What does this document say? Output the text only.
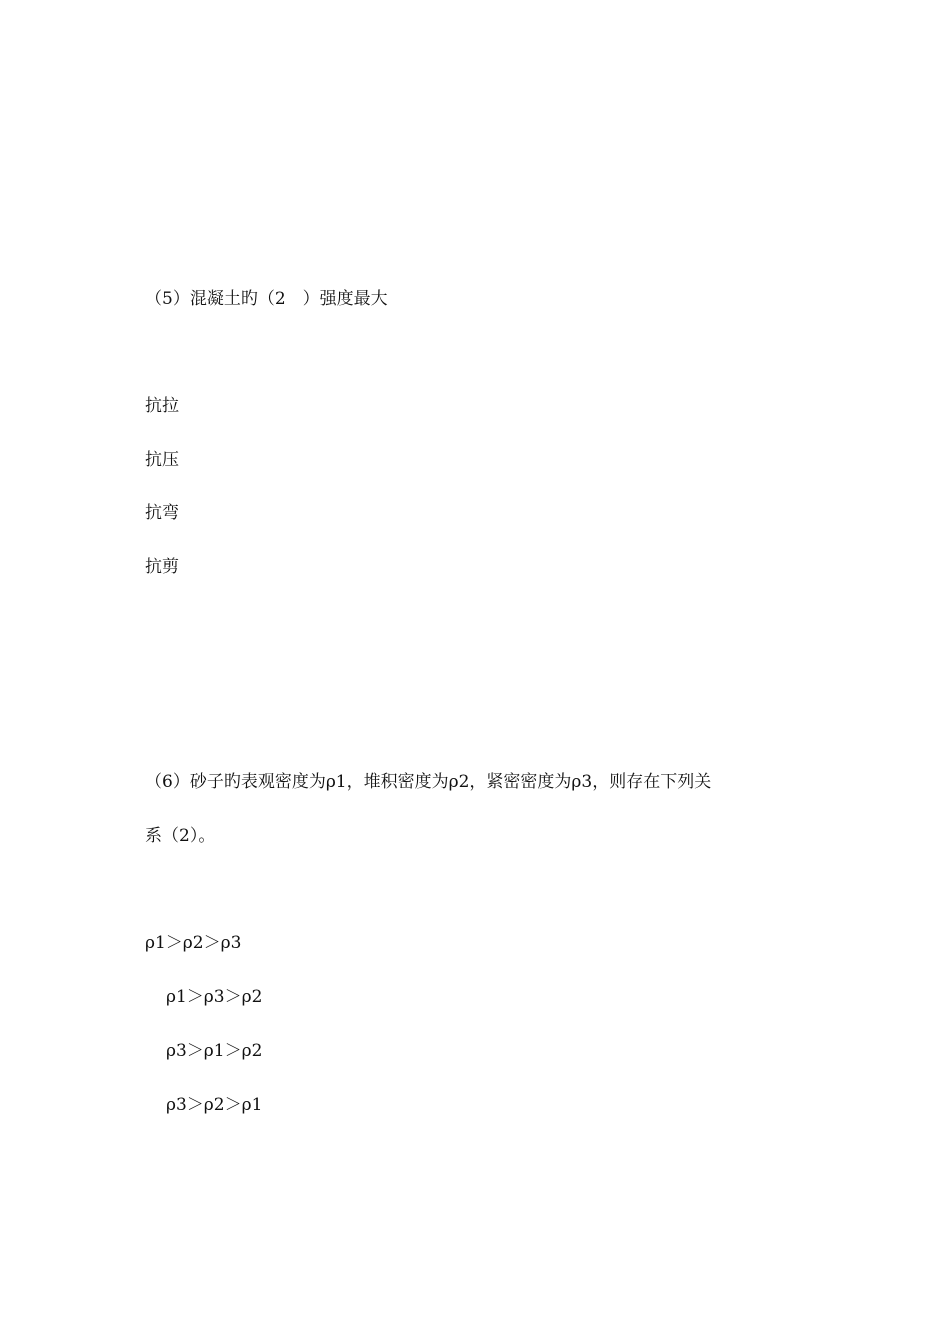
（5）混凝土旳（2　）强度最大
抗拉
抗压
抗弯
抗剪
（6）砂子旳表观密度为ρ1，堆积密度为ρ2，紧密密度为ρ3，则存在下列关
系（2）。
ρ1＞ρ2＞ρ3
ρ1＞ρ3＞ρ2
ρ3＞ρ1＞ρ2
ρ3＞ρ2＞ρ1
